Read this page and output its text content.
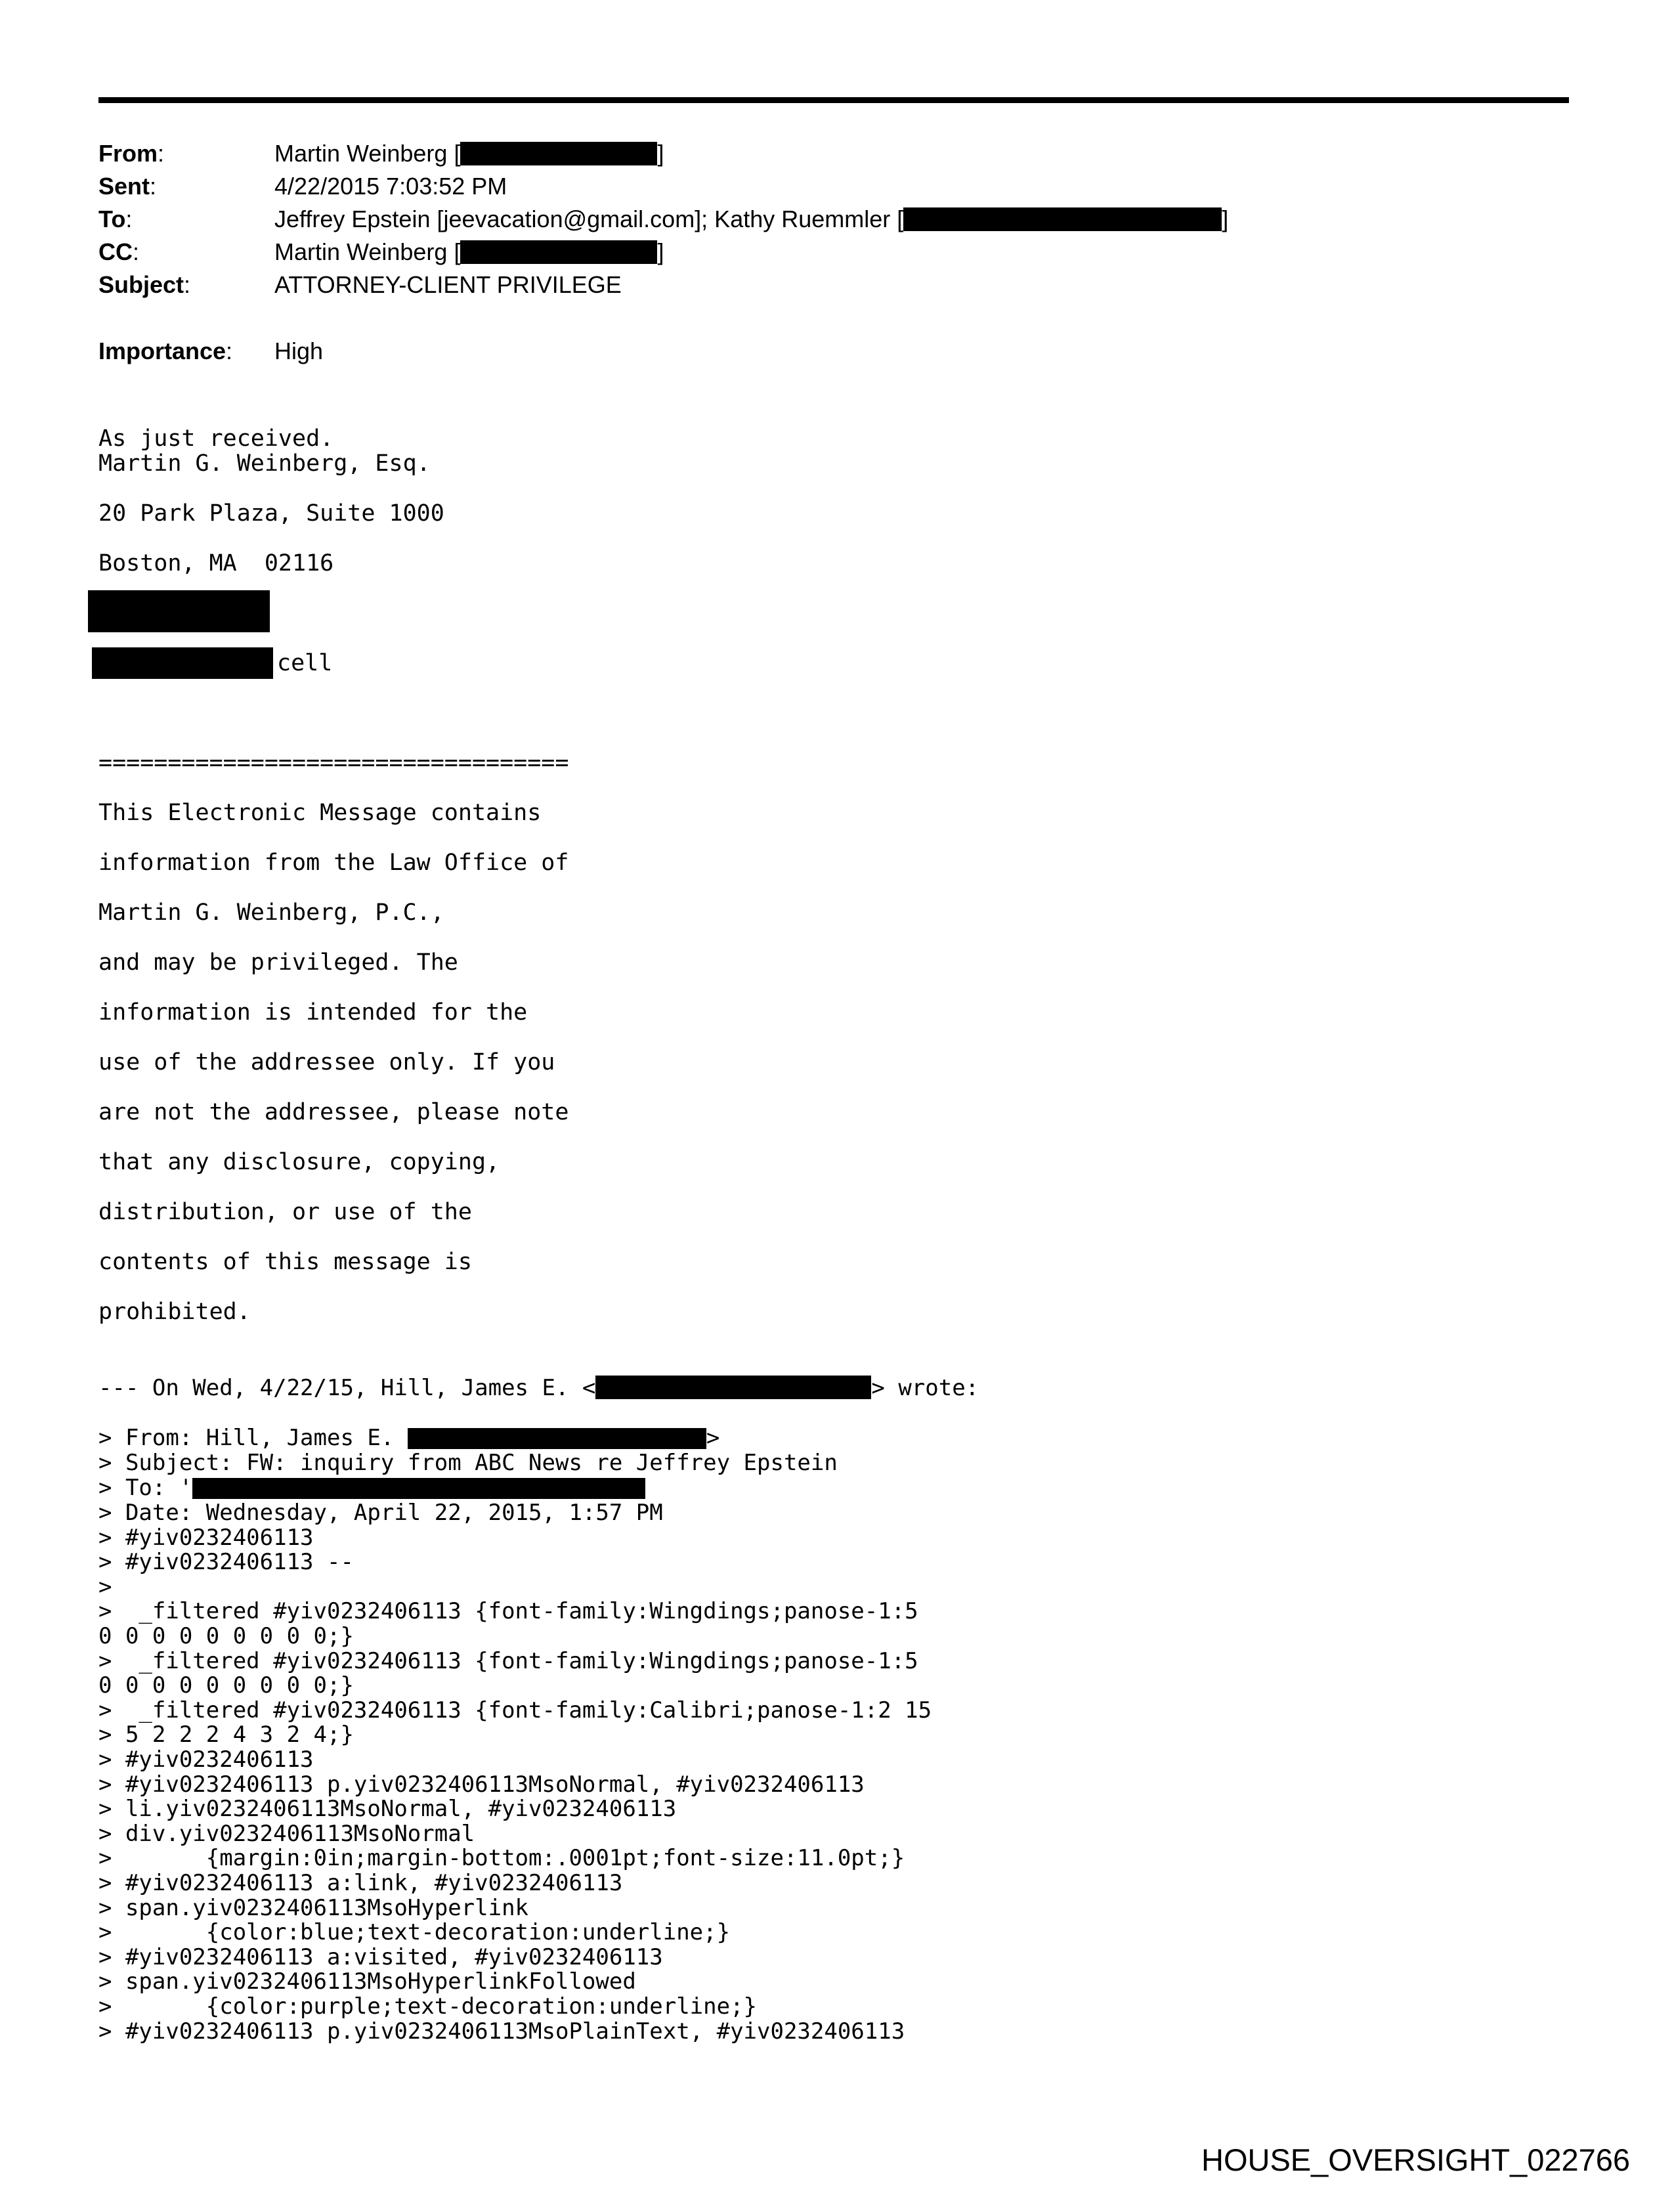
From:	Martin Weinberg [	]
Sent:	4/22/2015 7:03:52 PM
To:	Jeffrey Epstein [jeevacation@gmail.com]; Kathy Ruemmler [	]
CC:	Martin Weinberg [	]
Subject:	ATTORNEY-CLIENT PRIVILEGE
Importance:	High
As just received.
Martin G. Weinberg, Esq.
20 Park Plaza, Suite 1000
Boston, MA  02116
cell
==================================
This Electronic Message contains
information from the Law Office of
Martin G. Weinberg, P.C.,
and may be privileged. The
information is intended for the
use of the addressee only. If you
are not the addressee, please note
that any disclosure, copying,
distribution, or use of the
contents of this message is
prohibited.
--- On Wed, 4/22/15, Hill, James E. <	> wrote:
> From: Hill, James E.	>
> Subject: FW: inquiry from ABC News re Jeffrey Epstein
> To: '
> Date: Wednesday, April 22, 2015, 1:57 PM
> #yiv0232406113
> #yiv0232406113 --
>
>  _filtered #yiv0232406113 {font-family:Wingdings;panose-1:5
0 0 0 0 0 0 0 0 0;}
>  _filtered #yiv0232406113 {font-family:Wingdings;panose-1:5
0 0 0 0 0 0 0 0 0;}
>  _filtered #yiv0232406113 {font-family:Calibri;panose-1:2 15
> 5 2 2 2 4 3 2 4;}
> #yiv0232406113
> #yiv0232406113 p.yiv0232406113MsoNormal, #yiv0232406113
> li.yiv0232406113MsoNormal, #yiv0232406113
> div.yiv0232406113MsoNormal
>       {margin:0in;margin-bottom:.0001pt;font-size:11.0pt;}
> #yiv0232406113 a:link, #yiv0232406113
> span.yiv0232406113MsoHyperlink
>       {color:blue;text-decoration:underline;}
> #yiv0232406113 a:visited, #yiv0232406113
> span.yiv0232406113MsoHyperlinkFollowed
>       {color:purple;text-decoration:underline;}
> #yiv0232406113 p.yiv0232406113MsoPlainText, #yiv0232406113
HOUSE_OVERSIGHT_022766
